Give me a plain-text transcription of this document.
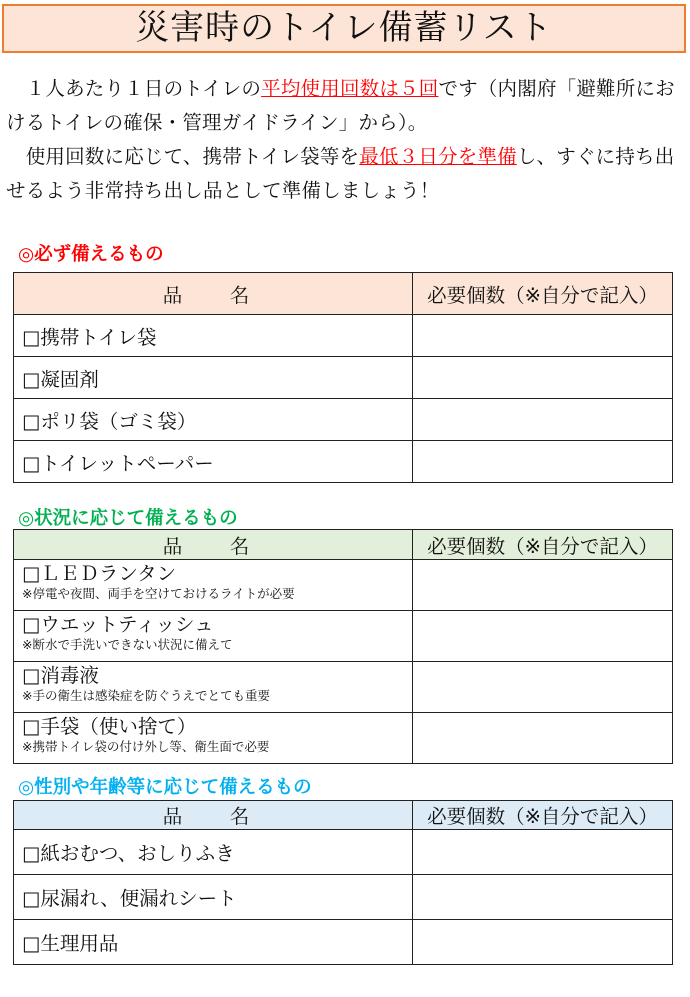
災害時のトイレ備蓄リスト

　１人あたり１日のトイレの平均使用回数は５回です（内閣府「避難所におけるトイレの確保・管理ガイドライン」から）。

　使用回数に応じて、携帯トイレ袋等を最低３日分を準備し、すぐに持ち出せるよう非常持ち出し品として準備しましょう！

◎必ず備えるもの
品　名	必要個数（※自分で記入）
□携帯トイレ袋	
□凝固剤	
□ポリ袋（ゴミ袋）	
□トイレットペーパー	
◎状況に応じて備えるもの
品　名	必要個数（※自分で記入）

□ＬＥＤランタン
※停電や夜間、両手を空けておけるライトが必要	

□ウエットティッシュ
※断水で手洗いできない状況に備えて	

□消毒液
※手の衛生は感染症を防ぐうえでとても重要	

□手袋（使い捨て）
※携帯トイレ袋の付け外し等、衛生面で必要	

◎性別や年齢等に応じて備えるもの
品　名	必要個数（※自分で記入）
□紙おむつ、おしりふき	
□尿漏れ、便漏れシート	
□生理用品	
